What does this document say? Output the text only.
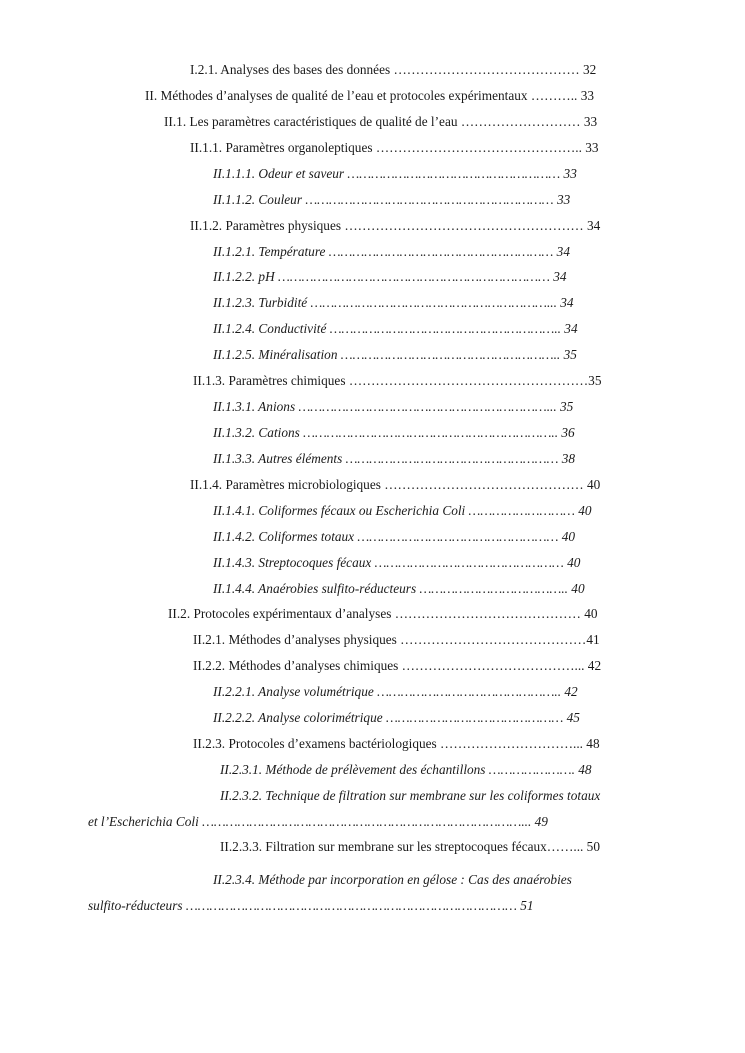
I.2.1. Analyses des bases des données …………………………………… 32
II. Méthodes d’analyses de qualité de l’eau et protocoles expérimentaux ……….. 33
II.1. Les paramètres caractéristiques de qualité de l’eau ……………………… 33
II.1.1. Paramètres organoleptiques ……………………………………….. 33
II.1.1.1. Odeur et saveur ……………………………………………… 33
II.1.1.2. Couleur ……………………………………………………… 33
II.1.2. Paramètres physiques ……………………………………………… 34
II.1.2.1. Température ………………………………………………… 34
II.1.2.2. pH …………………………………………………………… 34
II.1.2.3. Turbidité ……………………………………………………... 34
II.1.2.4. Conductivité ………………………………………………….. 34
II.1.2.5. Minéralisation ……………………………………………….. 35
II.1.3. Paramètres chimiques ………………………………………………35
II.1.3.1. Anions ………………………………………………………... 35
II.1.3.2. Cations ……………………………………………………….. 36
II.1.3.3. Autres éléments ……………………………………………… 38
II.1.4. Paramètres microbiologiques ……………………………………… 40
II.1.4.1. Coliformes fécaux ou Escherichia Coli ……………………… 40
II.1.4.2. Coliformes totaux …………………………………………… 40
II.1.4.3. Streptocoques fécaux ………………………………………… 40
II.1.4.4. Anaérobies sulfito-réducteurs ……………………………….. 40
II.2. Protocoles expérimentaux d’analyses …………………………………… 40
II.2.1. Méthodes d’analyses physiques ……………………………………41
II.2.2. Méthodes d’analyses chimiques …………………………………... 42
II.2.2.1. Analyse volumétrique ……………………………………….. 42
II.2.2.2. Analyse colorimétrique ……………………………………… 45
II.2.3. Protocoles d’examens bactériologiques …………………………... 48
II.2.3.1. Méthode de prélèvement des échantillons …………………. 48
II.2.3.2. Technique de filtration sur membrane sur les coliformes totaux
et l’Escherichia Coli ………………………………………………………………………... 49
II.2.3.3. Filtration sur membrane sur les streptocoques fécaux……... 50
II.2.3.4. Méthode par incorporation en gélose : Cas des anaérobies
sulfito-réducteurs ………………………………………………………………………… 51
